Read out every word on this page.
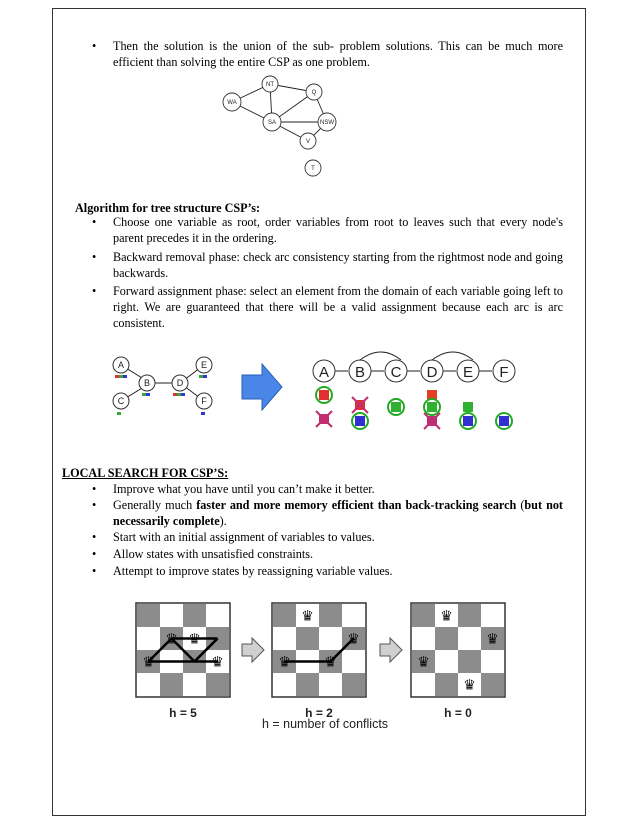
• Then the solution is the union of the sub- problem solutions. This can be much more efficient than solving the entire CSP as one problem.
NT
Q
WA
SA	NSW
V
T
Algorithm for tree structure CSP’s:
• Choose one variable as root, order variables from root to leaves such that every node's parent precedes it in the ordering.
• Backward removal phase: check arc consistency starting from the rightmost node and going backwards.
• Forward assignment phase: select an element from the domain of each variable going left to right. We are guaranteed that there will be a valid assignment because each arc is arc consistent.
A
B
C
D
E
F
A B C D E F
LOCAL SEARCH FOR CSP’S:
• Improve what you have until you can’t make it better.
• Generally much faster and more memory efficient than back-tracking search (but not necessarily complete).
• Start with an initial assignment of variables to values.
• Allow states with unsatisfied constraints.
• Attempt to improve states by reassigning variable values.
♛
♛ ♛
♛
h = 5
♛
♛
♛
♛
h = 2
♛
♛
♛
♛
h = 0
h = number of conflicts
